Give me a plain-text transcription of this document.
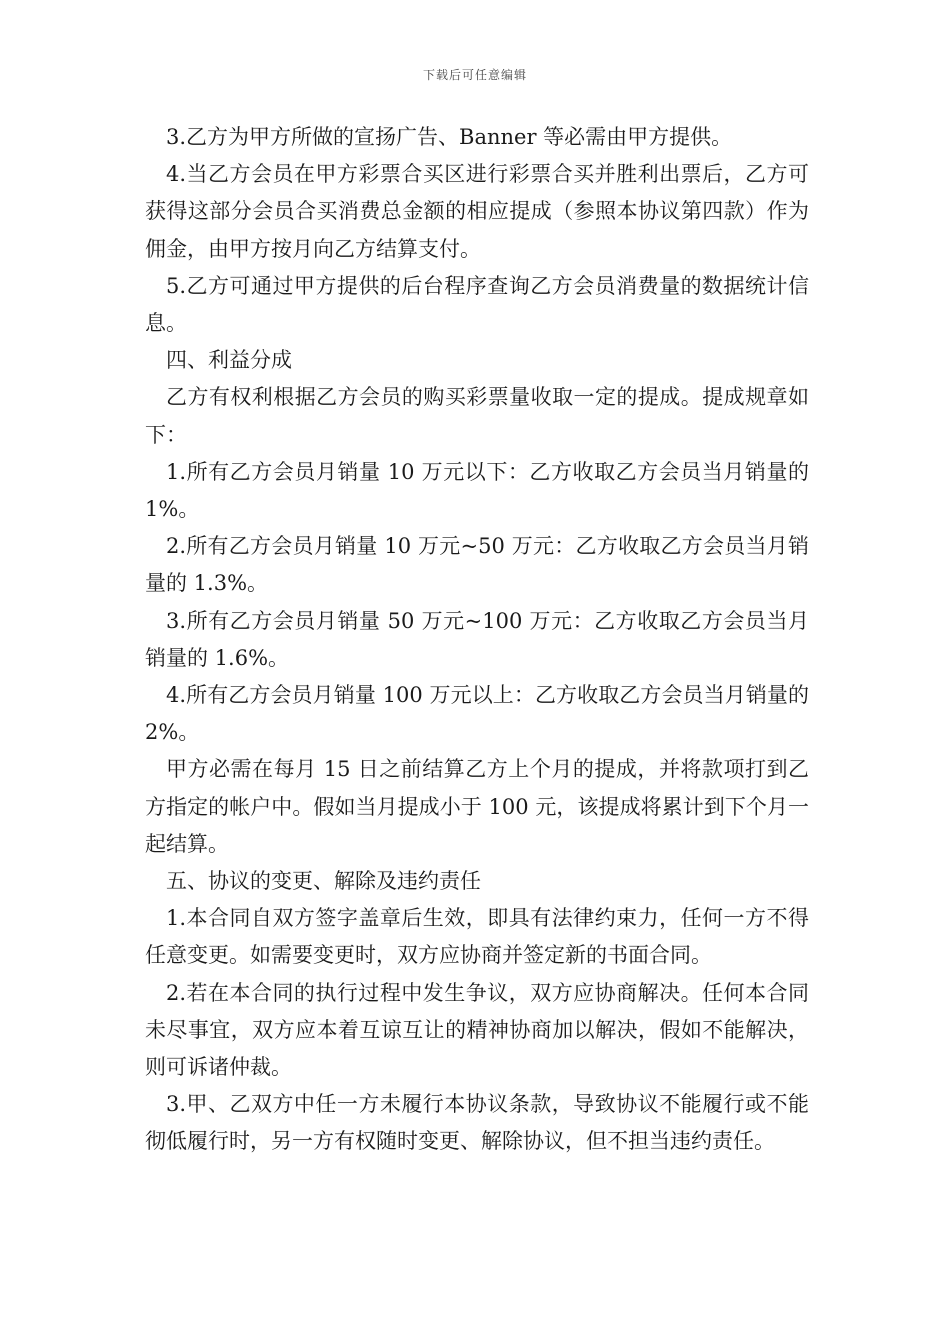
下载后可任意编辑

3.乙方为甲方所做的宣扬广告、Banner 等必需由甲方提供。

4.当乙方会员在甲方彩票合买区进行彩票合买并胜利出票后，乙方可获得这部分会员合买消费总金额的相应提成（参照本协议第四款）作为佣金，由甲方按月向乙方结算支付。

5.乙方可通过甲方提供的后台程序查询乙方会员消费量的数据统计信息。

四、利益分成

乙方有权利根据乙方会员的购买彩票量收取一定的提成。提成规章如下：

1.所有乙方会员月销量 10 万元以下：乙方收取乙方会员当月销量的 1%。

2.所有乙方会员月销量 10 万元~50 万元：乙方收取乙方会员当月销量的 1.3%。

3.所有乙方会员月销量 50 万元~100 万元：乙方收取乙方会员当月销量的 1.6%。

4.所有乙方会员月销量 100 万元以上：乙方收取乙方会员当月销量的 2%。

甲方必需在每月 15 日之前结算乙方上个月的提成，并将款项打到乙方指定的帐户中。假如当月提成小于 100 元，该提成将累计到下个月一起结算。

五、协议的变更、解除及违约责任

1.本合同自双方签字盖章后生效，即具有法律约束力，任何一方不得任意变更。如需要变更时，双方应协商并签定新的书面合同。

2.若在本合同的执行过程中发生争议，双方应协商解决。任何本合同未尽事宜，双方应本着互谅互让的精神协商加以解决，假如不能解决，则可诉诸仲裁。

3.甲、乙双方中任一方未履行本协议条款，导致协议不能履行或不能彻低履行时，另一方有权随时变更、解除协议，但不担当违约责任。
